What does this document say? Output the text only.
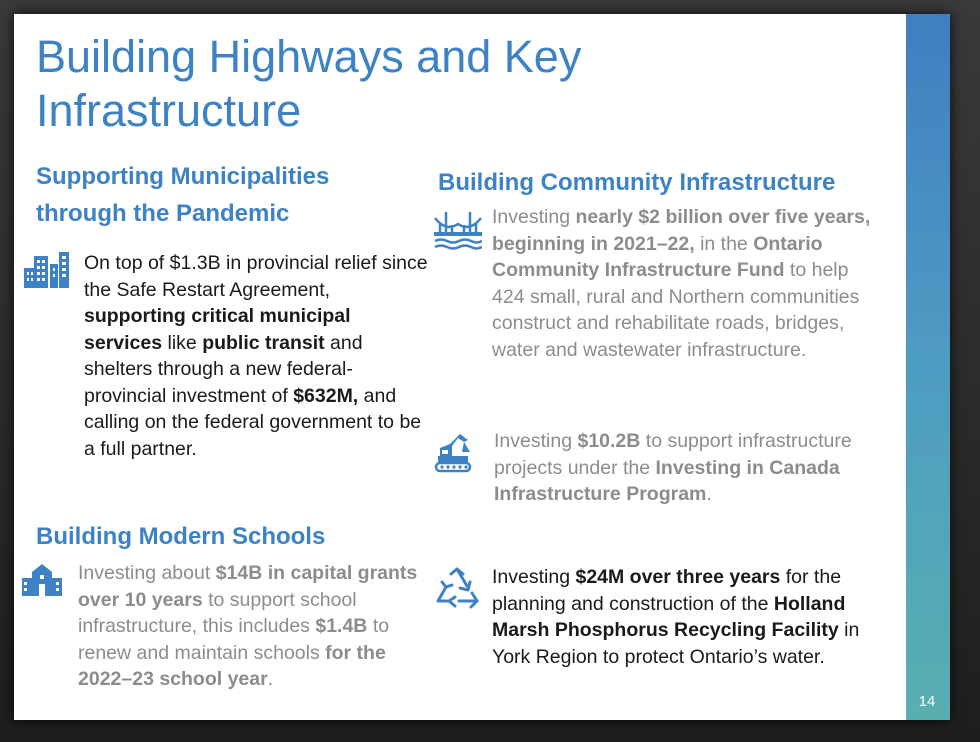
14
Building Highways and Key Infrastructure
Supporting Municipalities through the Pandemic

On top of $1.3B in provincial relief since the Safe Restart Agreement, supporting critical municipal services like public transit and shelters through a new federal-provincial investment of $632M, and calling on the federal government to be a full partner.

Building Modern Schools

Investing about $14B in capital grants over 10 years to support school infrastructure, this includes $1.4B to renew and maintain schools for the 2022–23 school year.

Building Community Infrastructure

Investing nearly $2 billion over five years, beginning in 2021–22, in the Ontario Community Infrastructure Fund to help 424 small, rural and Northern communities construct and rehabilitate roads, bridges, water and wastewater infrastructure.

Investing $10.2B to support infrastructure projects under the Investing in Canada Infrastructure Program.

Investing $24M over three years for the planning and construction of the Holland Marsh Phosphorus Recycling Facility in York Region to protect Ontario’s water.
